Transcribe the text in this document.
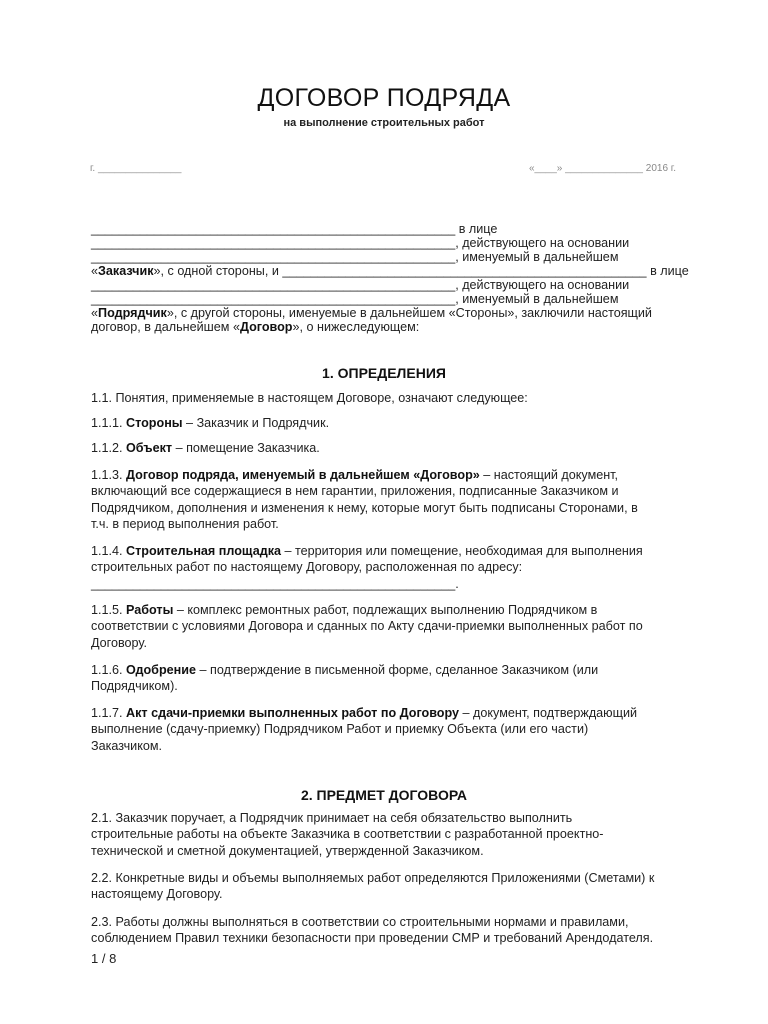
ДОГОВОР ПОДРЯДА
на выполнение строительных работ
г. _______________	«____» ______________ 2016 г.
____________________________________________________ в лице
____________________________________________________, действующего на основании
____________________________________________________, именуемый в дальнейшем
«Заказчик», с одной стороны, и ____________________________________________________ в лице
____________________________________________________, действующего на основании
____________________________________________________, именуемый в дальнейшем
«Подрядчик», с другой стороны, именуемые в дальнейшем «Стороны», заключили настоящий
договор, в дальнейшем «Договор», о нижеследующем:
1. ОПРЕДЕЛЕНИЯ
1.1. Понятия, применяемые в настоящем Договоре, означают следующее:
1.1.1. Стороны – Заказчик и Подрядчик.
1.1.2. Объект – помещение Заказчика.
1.1.3. Договор подряда, именуемый в дальнейшем «Договор» – настоящий документ,
включающий все содержащиеся в нем гарантии, приложения, подписанные Заказчиком и
Подрядчиком, дополнения и изменения к нему, которые могут быть подписаны Сторонами, в
т.ч. в период выполнения работ.
1.1.4. Строительная площадка – территория или помещение, необходимая для выполнения
строительных работ по настоящему Договору, расположенная по адресу:
____________________________________________________.
1.1.5. Работы – комплекс ремонтных работ, подлежащих выполнению Подрядчиком в
соответствии с условиями Договора и сданных по Акту сдачи-приемки выполненных работ по
Договору.
1.1.6. Одобрение – подтверждение в письменной форме, сделанное Заказчиком (или
Подрядчиком).
1.1.7. Акт сдачи-приемки выполненных работ по Договору – документ, подтверждающий
выполнение (сдачу-приемку) Подрядчиком Работ и приемку Объекта (или его части)
Заказчиком.
2. ПРЕДМЕТ ДОГОВОРА
2.1. Заказчик поручает, а Подрядчик принимает на себя обязательство выполнить
строительные работы на объекте Заказчика в соответствии с разработанной проектно-
технической и сметной документацией, утвержденной Заказчиком.
2.2. Конкретные виды и объемы выполняемых работ определяются Приложениями (Сметами) к
настоящему Договору.
2.3. Работы должны выполняться в соответствии со строительными нормами и правилами,
соблюдением Правил техники безопасности при проведении СМР и требований Арендодателя.
1 / 8
